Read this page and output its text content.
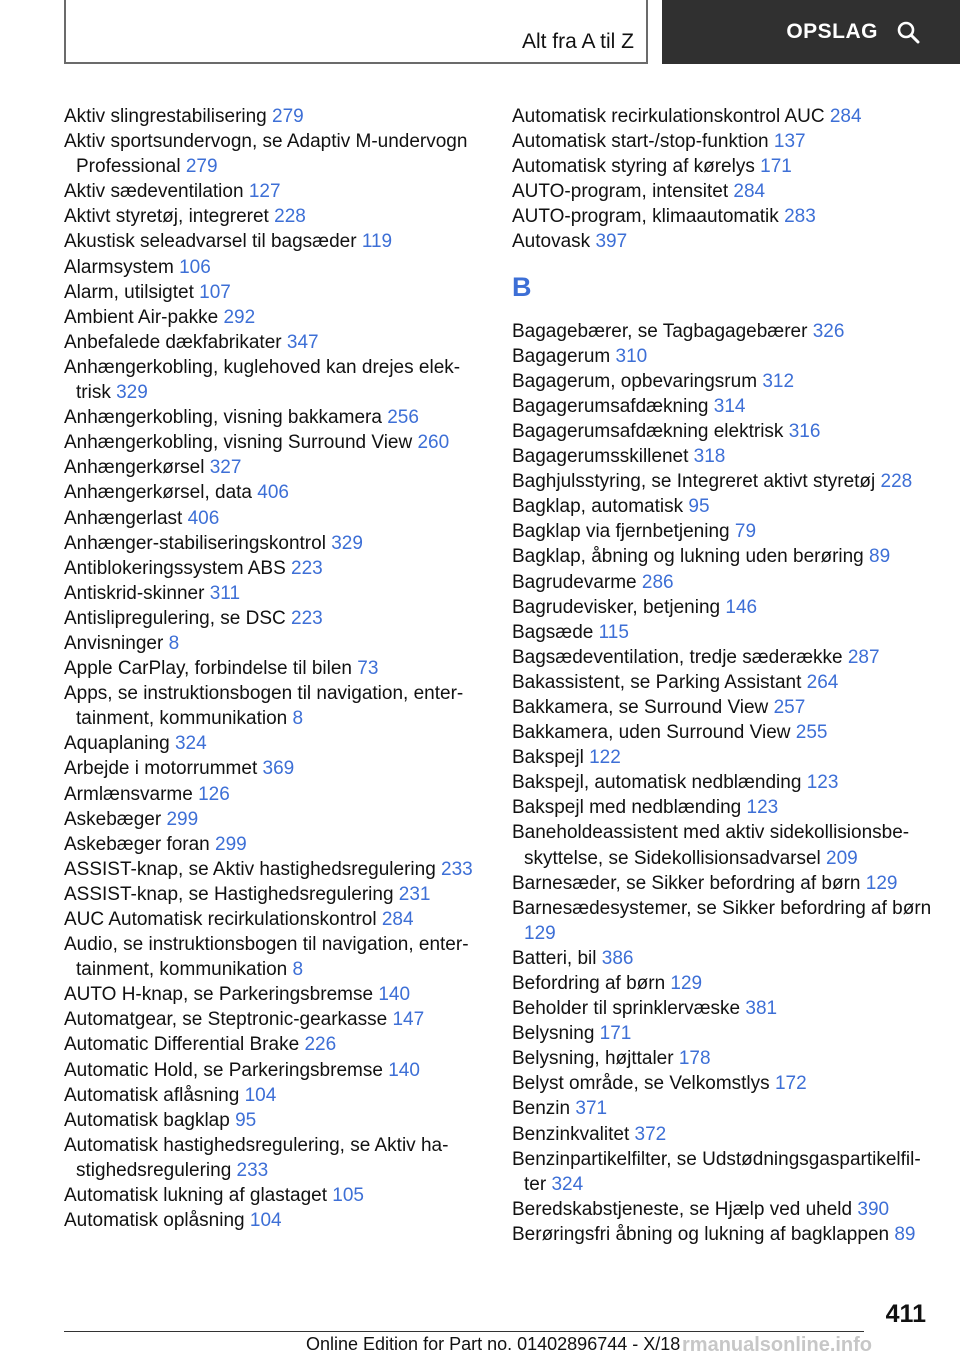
Alt fra A til Z	OPSLAG
Aktiv slingrestabilisering 279
Aktiv sportsundervogn, se Adaptiv M-undervogn Professional 279
Aktiv sædeventilation 127
Aktivt styretøj, integreret 228
Akustisk seleadvarsel til bagsæder 119
Alarmsystem 106
Alarm, utilsigtet 107
Ambient Air-pakke 292
Anbefalede dækfabrikater 347
Anhængerkobling, kuglehoved kan drejes elektrisk 329
Anhængerkobling, visning bakkamera 256
Anhængerkobling, visning Surround View 260
Anhængerkørsel 327
Anhængerkørsel, data 406
Anhængerlast 406
Anhænger-stabiliseringskontrol 329
Antiblokeringssystem ABS 223
Antiskrid-skinner 311
Antislipregulering, se DSC 223
Anvisninger 8
Apple CarPlay, forbindelse til bilen 73
Apps, se instruktionsbogen til navigation, entertainment, kommunikation 8
Aquaplaning 324
Arbejde i motorrummet 369
Armlænsvarme 126
Askebæger 299
Askebæger foran 299
ASSIST-knap, se Aktiv hastighedsregulering 233
ASSIST-knap, se Hastighedsregulering 231
AUC Automatisk recirkulationskontrol 284
Audio, se instruktionsbogen til navigation, entertainment, kommunikation 8
AUTO H-knap, se Parkeringsbremse 140
Automatgear, se Steptronic-gearkasse 147
Automatic Differential Brake 226
Automatic Hold, se Parkeringsbremse 140
Automatisk aflåsning 104
Automatisk bagklap 95
Automatisk hastighedsregulering, se Aktiv hastighedsregulering 233
Automatisk lukning af glastaget 105
Automatisk oplåsning 104
Automatisk recirkulationskontrol AUC 284
Automatisk start-/stop-funktion 137
Automatisk styring af kørelys 171
AUTO-program, intensitet 284
AUTO-program, klimaautomatik 283
Autovask 397
B
Bagagebærer, se Tagbagagebærer 326
Bagagerum 310
Bagagerum, opbevaringsrum 312
Bagagerumsafdækning 314
Bagagerumsafdækning elektrisk 316
Bagagerumsskillenet 318
Baghjulsstyring, se Integreret aktivt styretøj 228
Bagklap, automatisk 95
Bagklap via fjernbetjening 79
Bagklap, åbning og lukning uden berøring 89
Bagrudevarme 286
Bagrudevisker, betjening 146
Bagsæde 115
Bagsædeventilation, tredje sæderække 287
Bakassistent, se Parking Assistant 264
Bakkamera, se Surround View 257
Bakkamera, uden Surround View 255
Bakspejl 122
Bakspejl, automatisk nedblænding 123
Bakspejl med nedblænding 123
Baneholdeassistent med aktiv sidekollisionsbeskyttelse, se Sidekollisionsadvarsel 209
Barnesæder, se Sikker befordring af børn 129
Barnesædesystemer, se Sikker befordring af børn 129
Batteri, bil 386
Befordring af børn 129
Beholder til sprinklervæske 381
Belysning 171
Belysning, højttaler 178
Belyst område, se Velkomstlys 172
Benzin 371
Benzinkvalitet 372
Benzinpartikelfilter, se Udstødningsgaspartikelfilter 324
Beredskabstjeneste, se Hjælp ved uheld 390
Berøringsfri åbning og lukning af bagklappen 89
411
Online Edition for Part no. 01402896744 - X/18 rmanualsonline.info
